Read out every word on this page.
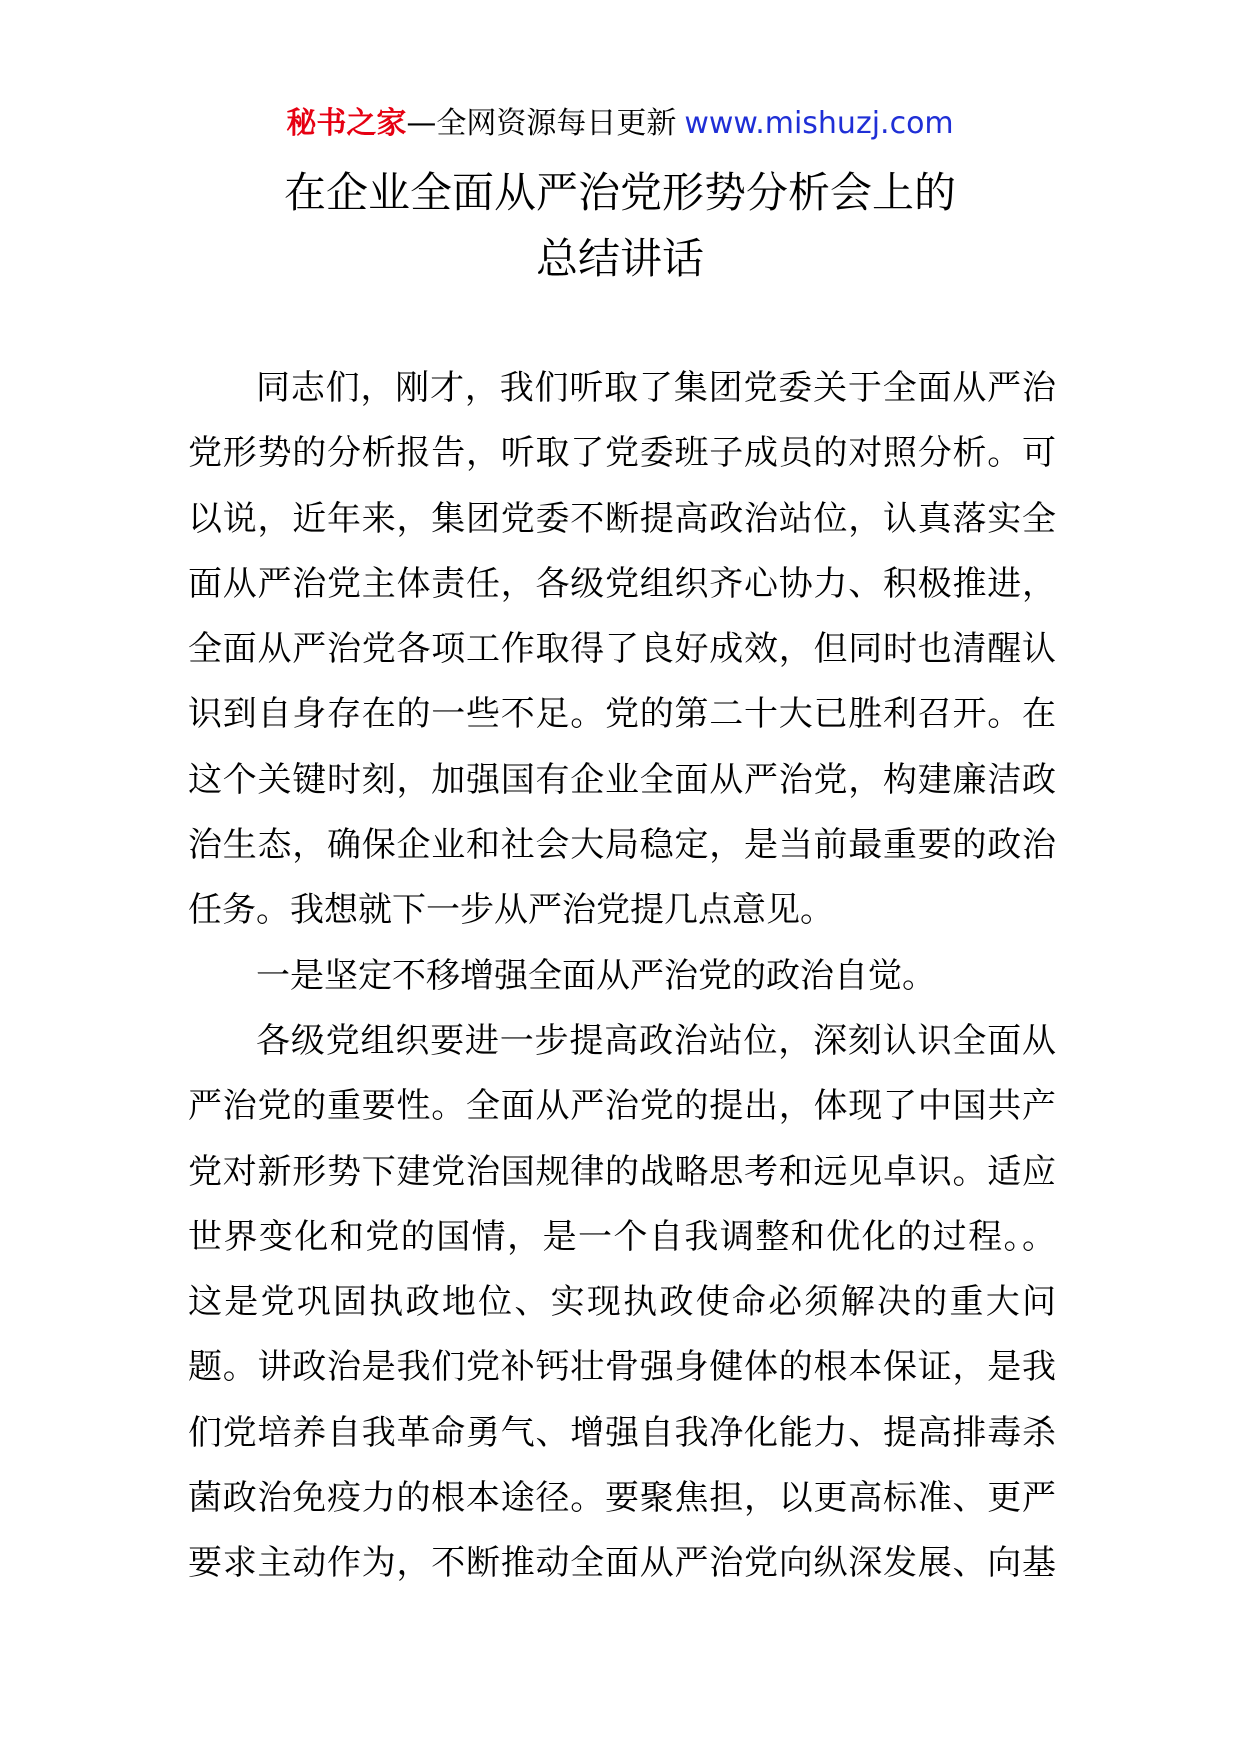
秘书之家—全网资源每日更新 www.mishuzj.com
在企业全面从严治党形势分析会上的
总结讲话
同志们，刚才，我们听取了集团党委关于全面从严治
党形势的分析报告，听取了党委班子成员的对照分析。可
以说，近年来，集团党委不断提高政治站位，认真落实全
面从严治党主体责任，各级党组织齐心协力、积极推进，
全面从严治党各项工作取得了良好成效，但同时也清醒认
识到自身存在的一些不足。党的第二十大已胜利召开。在
这个关键时刻，加强国有企业全面从严治党，构建廉洁政
治生态，确保企业和社会大局稳定，是当前最重要的政治
任务。我想就下一步从严治党提几点意见。
一是坚定不移增强全面从严治党的政治自觉。
各级党组织要进一步提高政治站位，深刻认识全面从
严治党的重要性。全面从严治党的提出，体现了中国共产
党对新形势下建党治国规律的战略思考和远见卓识。适应
世界变化和党的国情，是一个自我调整和优化的过程。。
这是党巩固执政地位、实现执政使命必须解决的重大问
题。讲政治是我们党补钙壮骨强身健体的根本保证，是我
们党培养自我革命勇气、增强自我净化能力、提高排毒杀
菌政治免疫力的根本途径。要聚焦担，以更高标准、更严
要求主动作为，不断推动全面从严治党向纵深发展、向基
